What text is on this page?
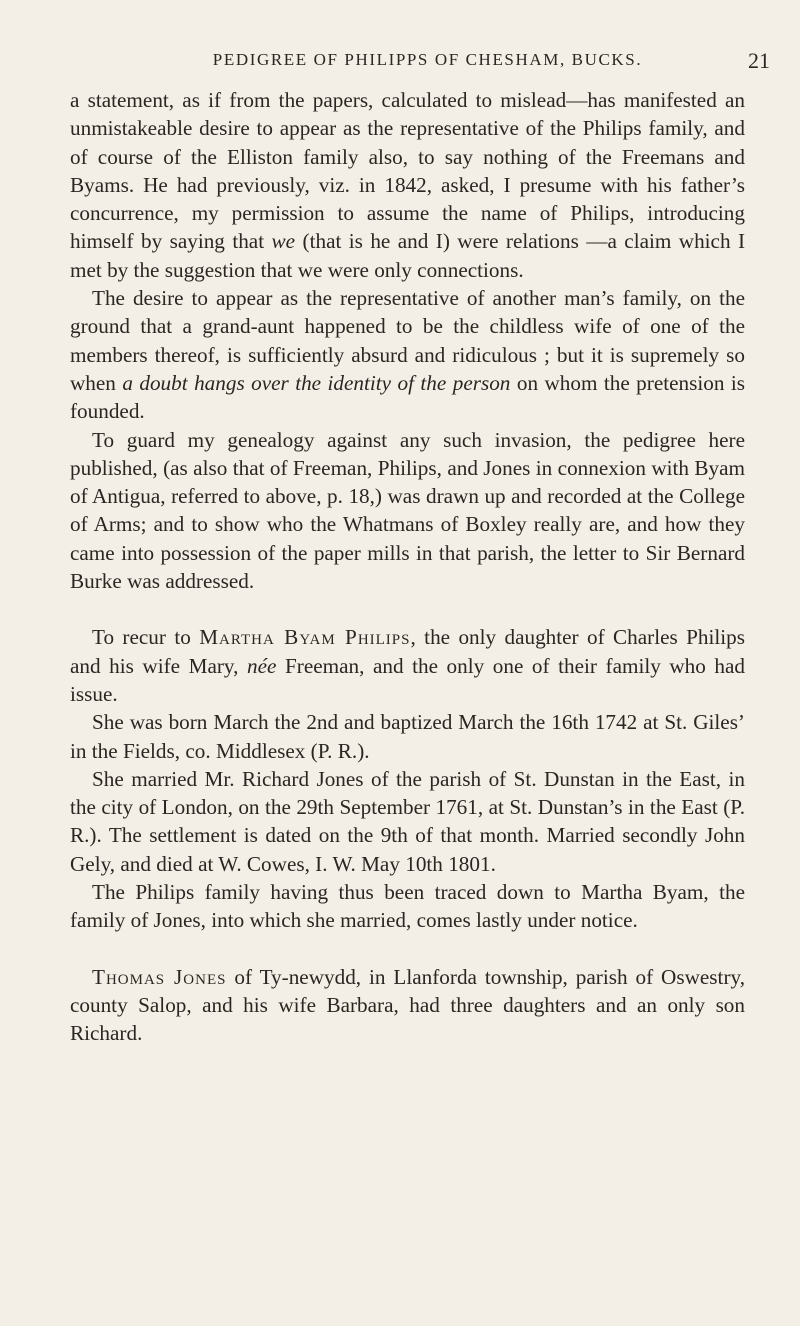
PEDIGREE OF PHILIPPS OF CHESHAM, BUCKS.	21

a statement, as if from the papers, calculated to mislead—has manifested an unmistakeable desire to appear as the representative of the Philips family, and of course of the Elliston family also, to say nothing of the Freemans and Byams. He had previously, viz. in 1842, asked, I presume with his father’s concurrence, my permission to assume the name of Philips, introducing himself by saying that we (that is he and I) were relations —a claim which I met by the suggestion that we were only connections.

The desire to appear as the representative of another man’s family, on the ground that a grand-aunt happened to be the childless wife of one of the members thereof, is sufficiently absurd and ridiculous ; but it is supremely so when a doubt hangs over the identity of the person on whom the pretension is founded.

To guard my genealogy against any such invasion, the pedigree here published, (as also that of Freeman, Philips, and Jones in connexion with Byam of Antigua, referred to above, p. 18,) was drawn up and recorded at the College of Arms; and to show who the Whatmans of Boxley really are, and how they came into possession of the paper mills in that parish, the letter to Sir Bernard Burke was addressed.

To recur to Martha Byam Philips, the only daughter of Charles Philips and his wife Mary, née Freeman, and the only one of their family who had issue.

She was born March the 2nd and baptized March the 16th 1742 at St. Giles’ in the Fields, co. Middlesex (P. R.).

She married Mr. Richard Jones of the parish of St. Dunstan in the East, in the city of London, on the 29th September 1761, at St. Dunstan’s in the East (P. R.). The settlement is dated on the 9th of that month. Married secondly John Gely, and died at W. Cowes, I. W. May 10th 1801.

The Philips family having thus been traced down to Martha Byam, the family of Jones, into which she married, comes lastly under notice.

Thomas Jones of Ty-newydd, in Llanforda township, parish of Oswestry, county Salop, and his wife Barbara, had three daughters and an only son Richard.
